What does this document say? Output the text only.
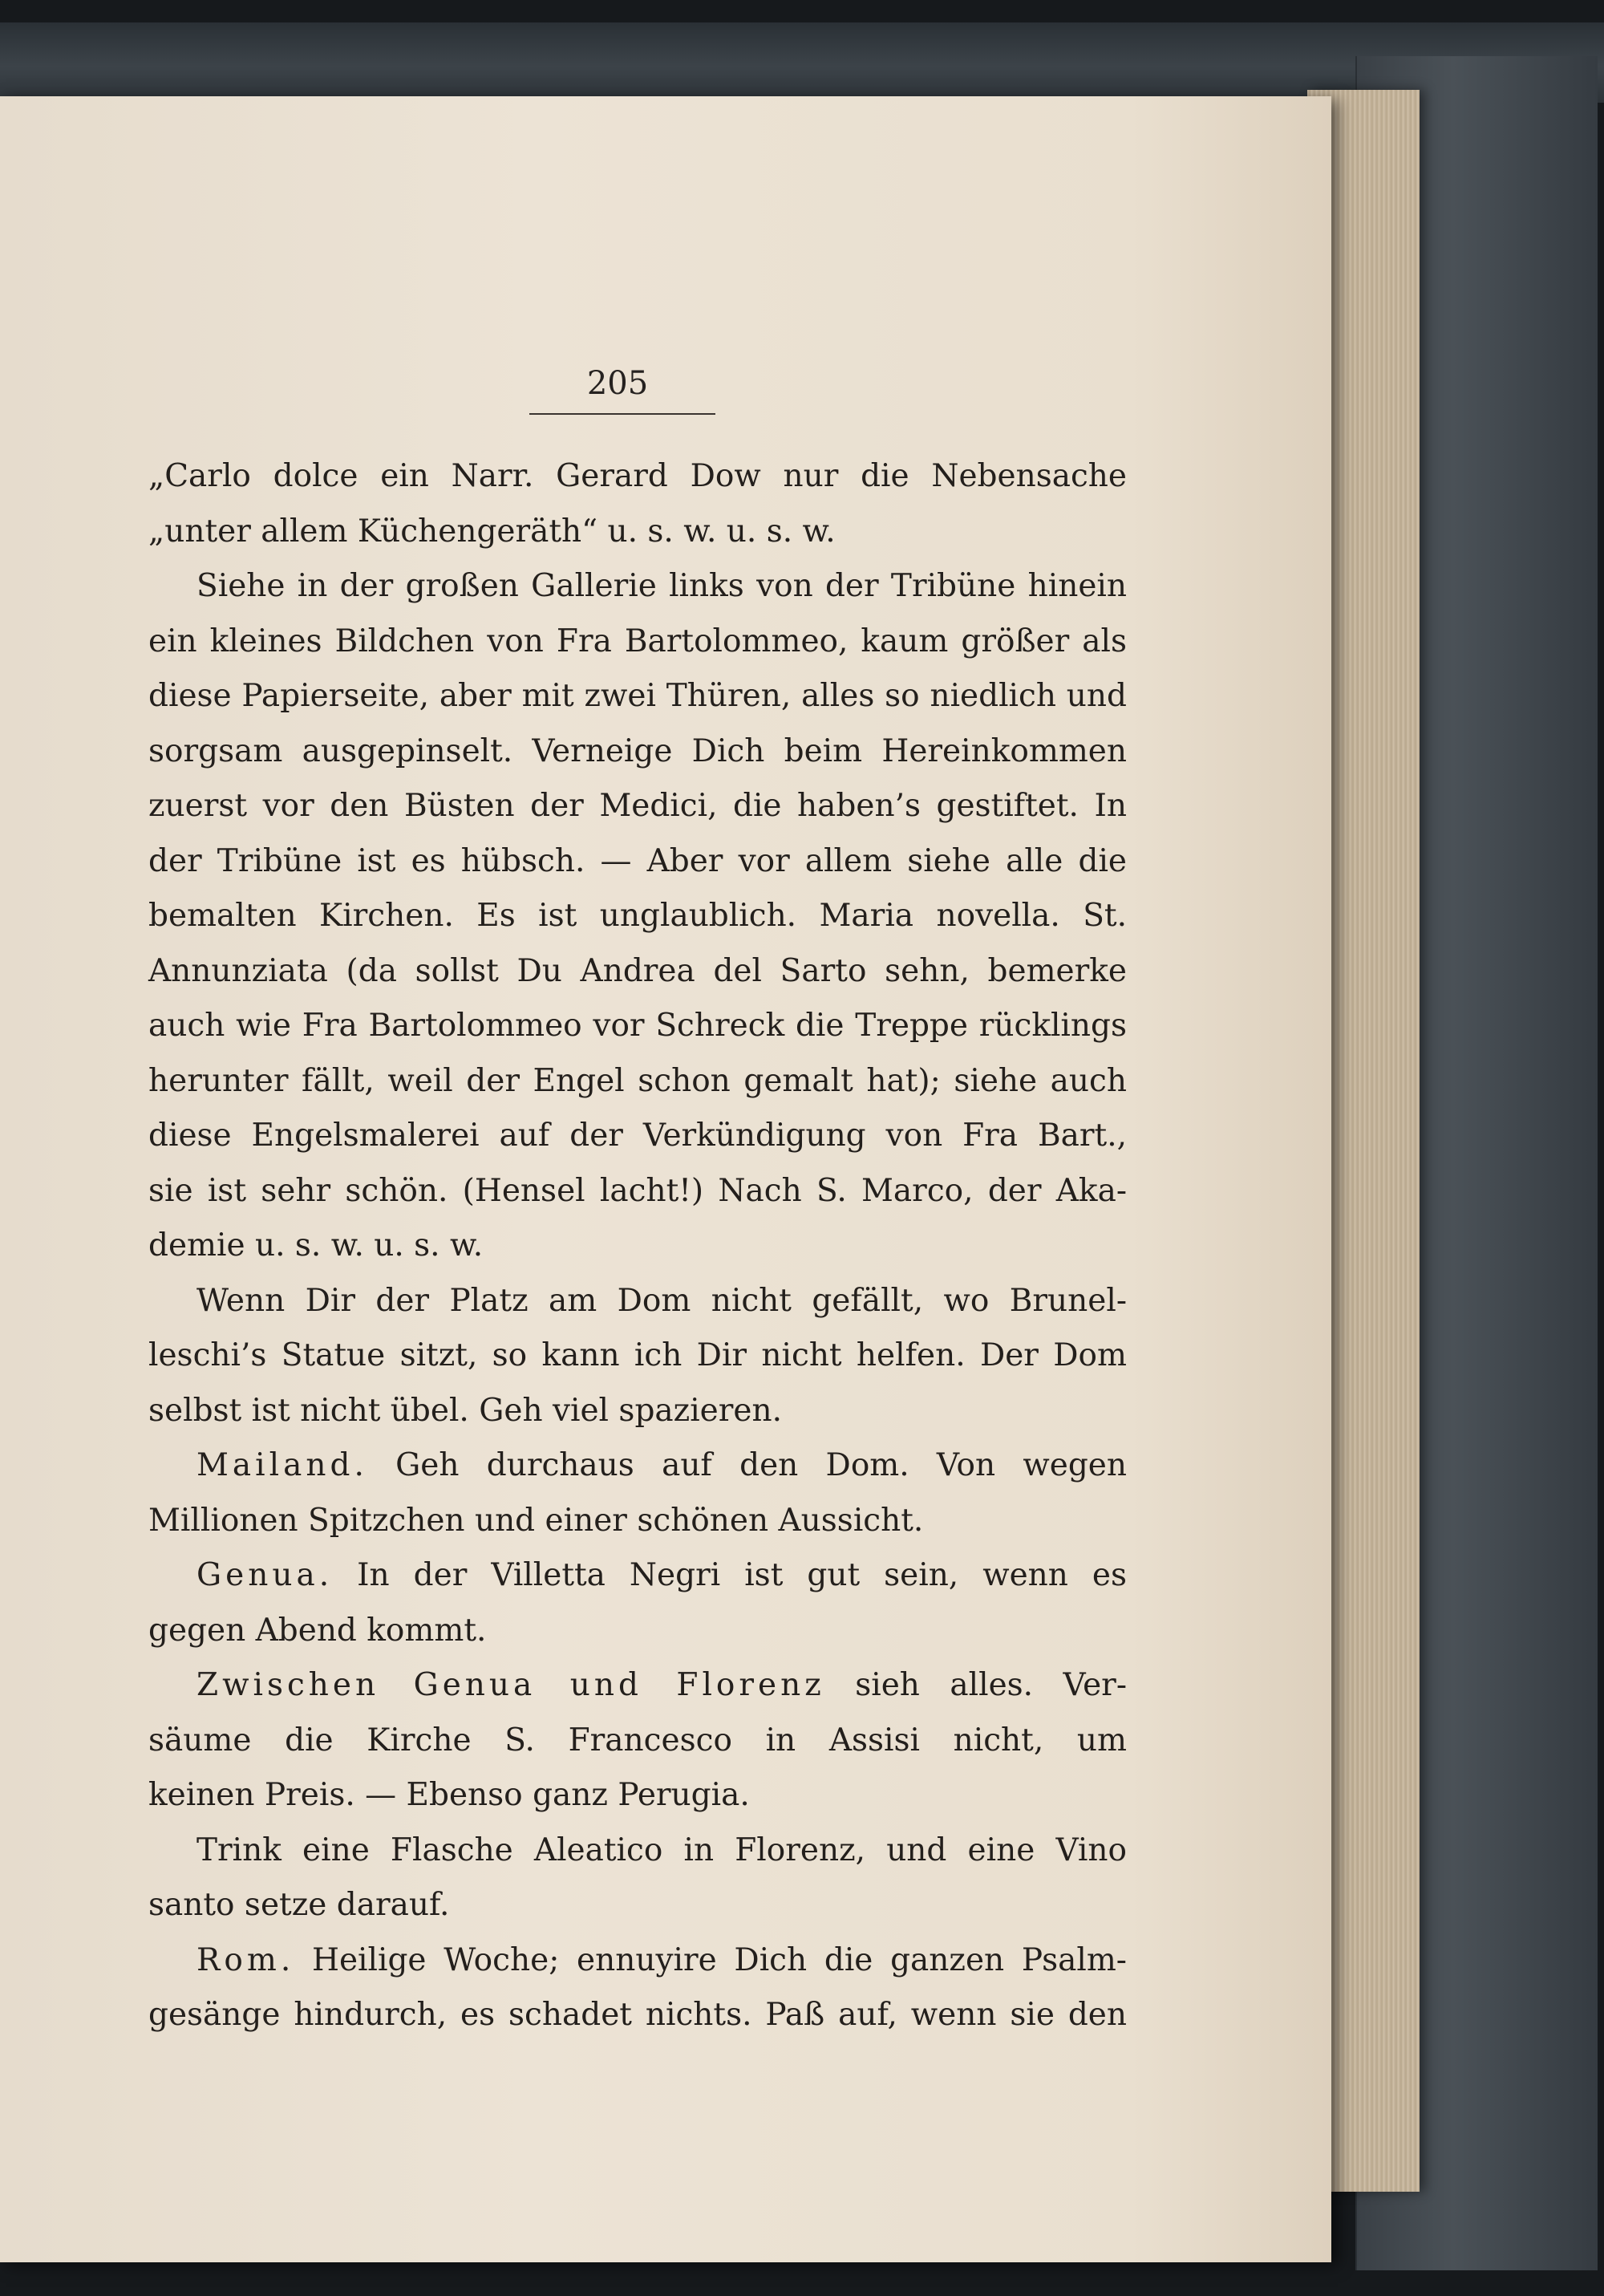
205
„Carlo dolce ein Narr. Gerard Dow nur die Nebensache
„unter allem Küchengeräth“ u. s. w. u. s. w.
Siehe in der großen Gallerie links von der Tribüne hinein
ein kleines Bildchen von Fra Bartolommeo, kaum größer als
diese Papierseite, aber mit zwei Thüren, alles so niedlich und
sorgsam ausgepinselt. Verneige Dich beim Hereinkommen
zuerst vor den Büsten der Medici, die haben’s gestiftet. In
der Tribüne ist es hübsch. — Aber vor allem siehe alle die
bemalten Kirchen. Es ist unglaublich. Maria novella. St.
Annunziata (da sollst Du Andrea del Sarto sehn, bemerke
auch wie Fra Bartolommeo vor Schreck die Treppe rücklings
herunter fällt, weil der Engel schon gemalt hat); siehe auch
diese Engelsmalerei auf der Verkündigung von Fra Bart.,
sie ist sehr schön. (Hensel lacht!) Nach S. Marco, der Aka-
demie u. s. w. u. s. w.
Wenn Dir der Platz am Dom nicht gefällt, wo Brunel-
leschi’s Statue sitzt, so kann ich Dir nicht helfen. Der Dom
selbst ist nicht übel. Geh viel spazieren.
Mailand. Geh durchaus auf den Dom. Von wegen
Millionen Spitzchen und einer schönen Aussicht.
Genua. In der Villetta Negri ist gut sein, wenn es
gegen Abend kommt.
Zwischen Genua und Florenz sieh alles. Ver-
säume die Kirche S. Francesco in Assisi nicht, um
keinen Preis. — Ebenso ganz Perugia.
Trink eine Flasche Aleatico in Florenz, und eine Vino
santo setze darauf.
Rom. Heilige Woche; ennuyire Dich die ganzen Psalm-
gesänge hindurch, es schadet nichts. Paß auf, wenn sie den
